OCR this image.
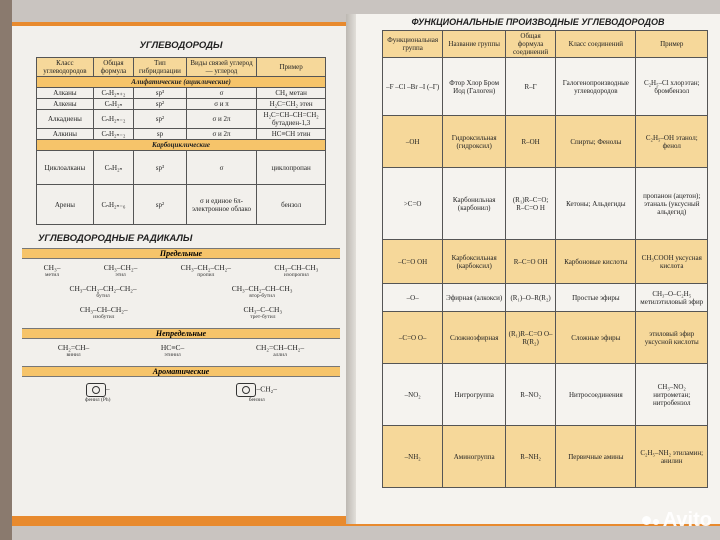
УГЛЕВОДОРОДЫ
Класс углеводородов	Общая формула	Тип гибридизации	Виды связей углерод — углерод	Пример
Алифатические (ациклические)				
Алканы	CₙH₂ₙ₊₂	sp³	σ	CH₄ метан
Алкены	CₙH₂ₙ	sp²	σ и π	H₂C=CH₂ этен
Алкадиены	CₙH₂ₙ₋₂	sp²	σ и 2π	H₂C=CH–CH=CH₂ бутадиен-1,3
Алкины	CₙH₂ₙ₋₂	sp	σ и 2π	HC≡CH этин
Карбоциклические				
Циклоалканы	CₙH₂ₙ	sp³	σ	циклопропан
Арены	CₙH₂ₙ₋₆	sp²	σ и единое 6π-электронное облако	бензол
УГЛЕВОДОРОДНЫЕ РАДИКАЛЫ
Предельные
CH₃–
метил
CH₃–CH₂–
этил
CH₃–CH₂–CH₂–
пропил
CH₃–CH–CH₃
изопропил
CH₃–CH₂–CH₂–CH₂–
бутил
CH₃–CH₂–CH–CH₃
втор-бутил
CH₃–CH–CH₂–
изобутил
CH₃–C–CH₃
трет-бутил
Непредельные
CH₂=CH–
винил
HC≡C–
этинил
CH₂=CH–CH₂–
аллил
Ароматические
–
фенил (Ph)
–CH₂–
бензил
ФУНКЦИОНАЛЬНЫЕ ПРОИЗВОДНЫЕ УГЛЕВОДОРОДОВ
Функциональная группа	Название группы	Общая формула соединений	Класс соединений	Пример
–F –Cl –Br –I (–Г)	Фтор Хлор Бром Иод (Галоген)	R–Г	Галогенопроизводные углеводородов	C₂H₅–Cl хлорэтан; бромбензол
–OH	Гидроксильная (гидроксил)	R–OH	Спирты; Фенолы	C₂H₅–OH этанол; фенол
>C=O	Карбонильная (карбонил)	(R₁)R–C=O; R–C=O H	Кетоны; Альдегиды	пропанон (ацетон); этаналь (уксусный альдегид)
–C=O OH	Карбоксильная (карбоксил)	R–C=O OH	Карбоновые кислоты	CH₃COOH уксусная кислота
–O–	Эфирная (алкокси)	(R₁)–O–R(R₂)	Простые эфиры	CH₃–O–C₂H₅ метилэтиловый эфир
–C=O O–	Сложноэфирная	(R₁)R–C=O O–R(R₂)	Сложные эфиры	этиловый эфир уксусной кислоты
–NO₂	Нитрогруппа	R–NO₂	Нитросоединения	CH₃–NO₂ нитрометан; нитробензол
–NH₂	Аминогруппа	R–NH₂	Первичные амины	C₂H₅–NH₂ этиламин; анилин
Avito
